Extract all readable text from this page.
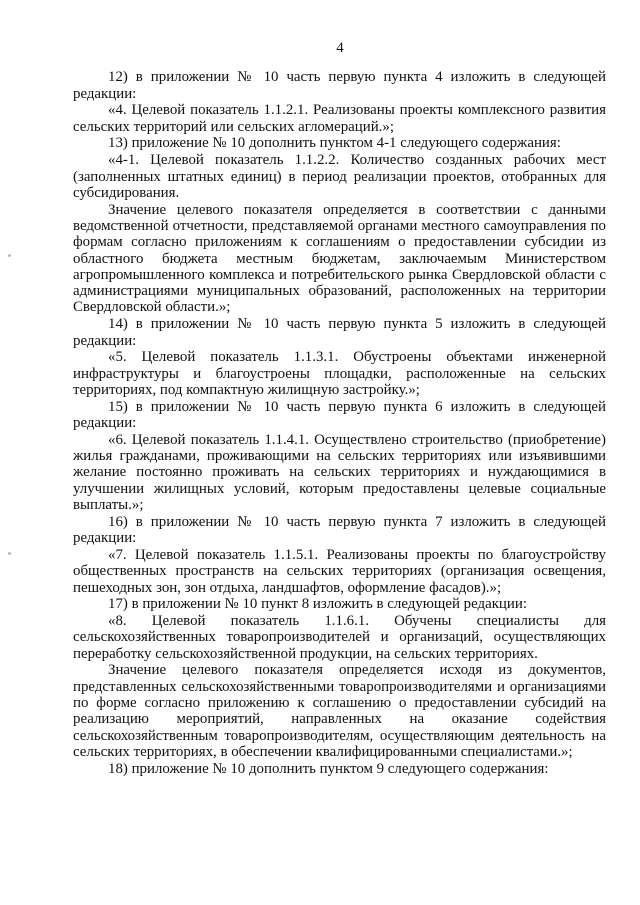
4

12) в приложении № 10 часть первую пункта 4 изложить в следующей редакции:

«4. Целевой показатель 1.1.2.1. Реализованы проекты комплексного развития сельских территорий или сельских агломераций.»;

13) приложение № 10 дополнить пунктом 4-1 следующего содержания:

«4-1. Целевой показатель 1.1.2.2. Количество созданных рабочих мест (заполненных штатных единиц) в период реализации проектов, отобранных для субсидирования.

Значение целевого показателя определяется в соответствии с данными ведомственной отчетности, представляемой органами местного самоуправления по формам согласно приложениям к соглашениям о предоставлении субсидии из областного бюджета местным бюджетам, заключаемым Министерством агропромышленного комплекса и потребительского рынка Свердловской области с администрациями муниципальных образований, расположенных на территории Свердловской области.»;

14) в приложении № 10 часть первую пункта 5 изложить в следующей редакции:

«5. Целевой показатель 1.1.3.1. Обустроены объектами инженерной инфраструктуры и благоустроены площадки, расположенные на сельских территориях, под компактную жилищную застройку.»;

15) в приложении № 10 часть первую пункта 6 изложить в следующей редакции:

«6. Целевой показатель 1.1.4.1. Осуществлено строительство (приобретение) жилья гражданами, проживающими на сельских территориях или изъявившими желание постоянно проживать на сельских территориях и нуждающимися в улучшении жилищных условий, которым предоставлены целевые социальные выплаты.»;

16) в приложении № 10 часть первую пункта 7 изложить в следующей редакции:

«7. Целевой показатель 1.1.5.1. Реализованы проекты по благоустройству общественных пространств на сельских территориях (организация освещения, пешеходных зон, зон отдыха, ландшафтов, оформление фасадов).»;

17) в приложении № 10 пункт 8 изложить в следующей редакции:

«8. Целевой показатель 1.1.6.1. Обучены специалисты для сельскохозяйственных товаропроизводителей и организаций, осуществляющих переработку сельскохозяйственной продукции, на сельских территориях.

Значение целевого показателя определяется исходя из документов, представленных сельскохозяйственными товаропроизводителями и организациями по форме согласно приложению к соглашению о предоставлении субсидий на реализацию мероприятий, направленных на оказание содействия сельскохозяйственным товаропроизводителям, осуществляющим деятельность на сельских территориях, в обеспечении квалифицированными специалистами.»;

18) приложение № 10 дополнить пунктом 9 следующего содержания:
